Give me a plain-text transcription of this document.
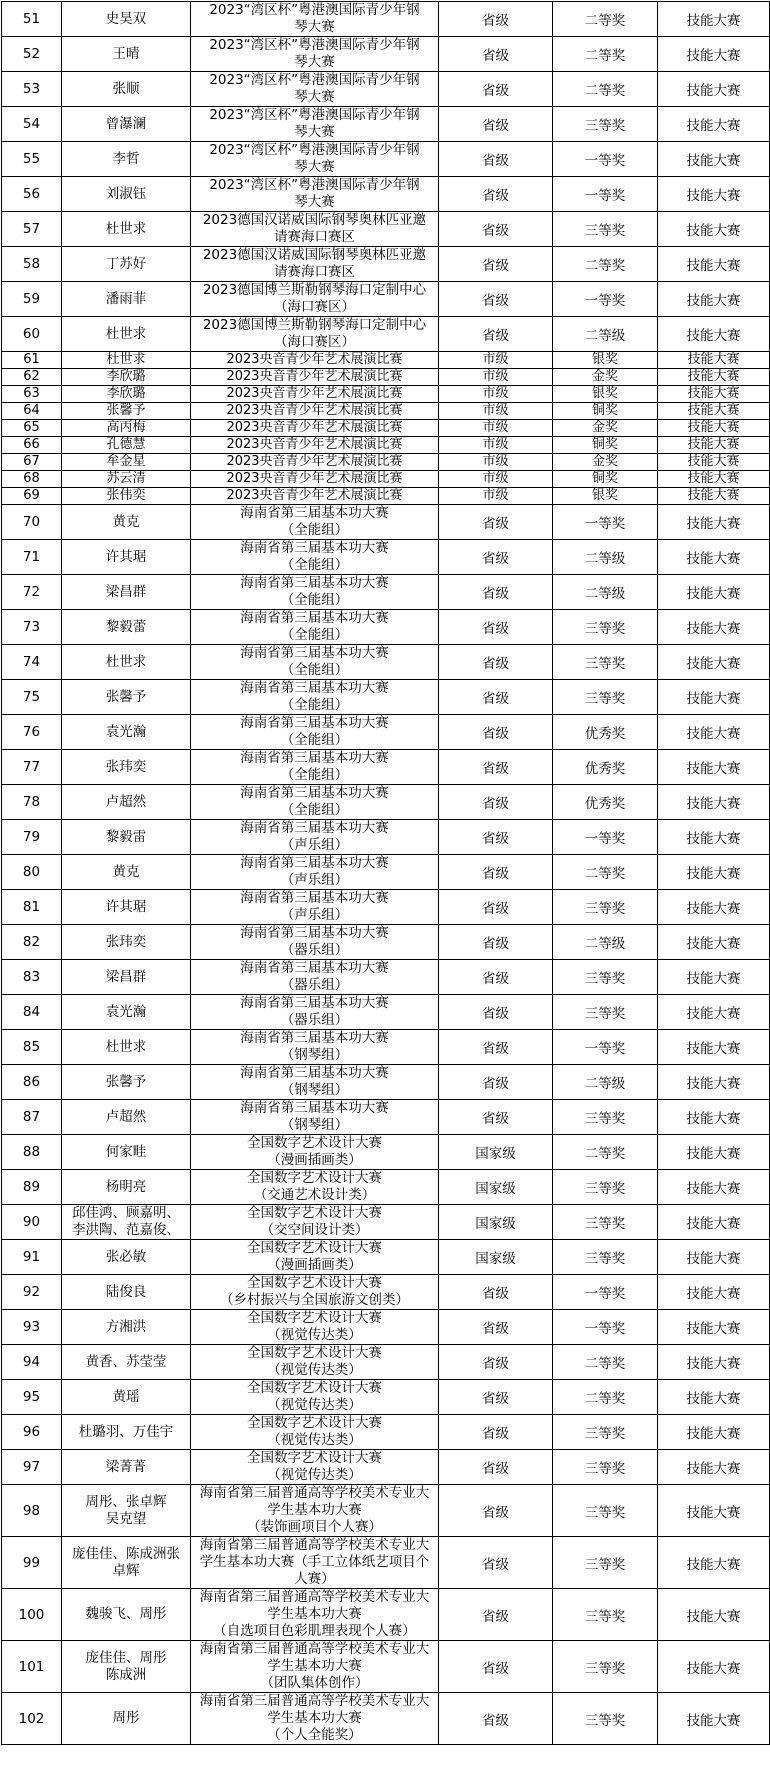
51	史昊双	2023“湾区杯”粤港澳国际青少年钢
琴大赛	省级	二等奖	技能大赛
52	王晴	2023“湾区杯”粤港澳国际青少年钢
琴大赛	省级	二等奖	技能大赛
53	张顺	2023“湾区杯”粤港澳国际青少年钢
琴大赛	省级	二等奖	技能大赛
54	曾瀑澜	2023“湾区杯”粤港澳国际青少年钢
琴大赛	省级	三等奖	技能大赛
55	李哲	2023“湾区杯”粤港澳国际青少年钢
琴大赛	省级	一等奖	技能大赛
56	刘淑钰	2023“湾区杯”粤港澳国际青少年钢
琴大赛	省级	一等奖	技能大赛
57	杜世求	2023德国汉诺威国际钢琴奥林匹亚邀
请赛海口赛区	省级	三等奖	技能大赛
58	丁苏好	2023德国汉诺威国际钢琴奥林匹亚邀
请赛海口赛区	省级	二等奖	技能大赛
59	潘雨菲	2023德国博兰斯勒钢琴海口定制中心
（海口赛区）	省级	一等奖	技能大赛
60	杜世求	2023德国博兰斯勒钢琴海口定制中心
（海口赛区）	省级	二等级	技能大赛
61	杜世求	2023央音青少年艺术展演比赛	市级	银奖	技能大赛
62	李欣璐	2023央音青少年艺术展演比赛	市级	金奖	技能大赛
63	李欣璐	2023央音青少年艺术展演比赛	市级	银奖	技能大赛
64	张馨予	2023央音青少年艺术展演比赛	市级	铜奖	技能大赛
65	高丙梅	2023央音青少年艺术展演比赛	市级	金奖	技能大赛
66	孔德慧	2023央音青少年艺术展演比赛	市级	铜奖	技能大赛
67	牟金星	2023央音青少年艺术展演比赛	市级	金奖	技能大赛
68	苏云清	2023央音青少年艺术展演比赛	市级	铜奖	技能大赛
69	张伟奕	2023央音青少年艺术展演比赛	市级	银奖	技能大赛
70	黄克	海南省第三届基本功大赛
（全能组）	省级	一等奖	技能大赛
71	许其琚	海南省第三届基本功大赛
（全能组）	省级	二等级	技能大赛
72	梁昌群	海南省第三届基本功大赛
（全能组）	省级	二等级	技能大赛
73	黎毅蕾	海南省第三届基本功大赛
（全能组）	省级	三等奖	技能大赛
74	杜世求	海南省第三届基本功大赛
（全能组）	省级	三等奖	技能大赛
75	张馨予	海南省第三届基本功大赛
（全能组）	省级	三等奖	技能大赛
76	袁光瀚	海南省第三届基本功大赛
（全能组）	省级	优秀奖	技能大赛
77	张玮奕	海南省第三届基本功大赛
（全能组）	省级	优秀奖	技能大赛
78	卢超然	海南省第三届基本功大赛
（全能组）	省级	优秀奖	技能大赛
79	黎毅雷	海南省第三届基本功大赛
（声乐组）	省级	一等奖	技能大赛
80	黄克	海南省第三届基本功大赛
（声乐组）	省级	二等奖	技能大赛
81	许其琚	海南省第三届基本功大赛
（声乐组）	省级	三等奖	技能大赛
82	张玮奕	海南省第三届基本功大赛
（器乐组）	省级	二等级	技能大赛
83	梁昌群	海南省第三届基本功大赛
（器乐组）	省级	三等奖	技能大赛
84	袁光瀚	海南省第三届基本功大赛
（器乐组）	省级	三等奖	技能大赛
85	杜世求	海南省第三届基本功大赛
（钢琴组）	省级	一等奖	技能大赛
86	张馨予	海南省第三届基本功大赛
（钢琴组）	省级	二等级	技能大赛
87	卢超然	海南省第三届基本功大赛
（钢琴组）	省级	三等奖	技能大赛
88	何家畦	全国数字艺术设计大赛
（漫画插画类）	国家级	二等奖	技能大赛
89	杨明亮	全国数字艺术设计大赛
（交通艺术设计类）	国家级	三等奖	技能大赛
90	邱佳鸿、顾嘉明、
李洪陶、范嘉俊、	全国数字艺术设计大赛
（交空间设计类）	国家级	三等奖	技能大赛
91	张必敏	全国数字艺术设计大赛
（漫画插画类）	国家级	三等奖	技能大赛
92	陆俊良	全国数字艺术设计大赛
（乡村振兴与全国旅游文创类）	省级	一等奖	技能大赛
93	方湘洪	全国数字艺术设计大赛
（视觉传达类）	省级	一等奖	技能大赛
94	黄香、苏莹莹	全国数字艺术设计大赛
（视觉传达类）	省级	二等奖	技能大赛
95	黄瑶	全国数字艺术设计大赛
（视觉传达类）	省级	二等奖	技能大赛
96	杜璐羽、万佳宇	全国数字艺术设计大赛
（视觉传达类）	省级	三等奖	技能大赛
97	梁菁菁	全国数字艺术设计大赛
（视觉传达类）	省级	三等奖	技能大赛
98	周彤、张卓辉
吴克望	海南省第三届普通高等学校美术专业大
学生基本功大赛
（装饰画项目个人赛）	省级	三等奖	技能大赛
99	庞佳佳、陈成洲张
卓辉	海南省第三届普通高等学校美术专业大
学生基本功大赛（手工立体纸艺项目个
人赛）	省级	三等奖	技能大赛
100	魏骏飞、周彤	海南省第三届普通高等学校美术专业大
学生基本功大赛
（自选项目色彩肌理表现个人赛）	省级	三等奖	技能大赛
101	庞佳佳、周彤
陈成洲	海南省第三届普通高等学校美术专业大
学生基本功大赛
（团队集体创作）	省级	三等奖	技能大赛
102	周彤	海南省第三届普通高等学校美术专业大
学生基本功大赛
（个人全能奖）	省级	三等奖	技能大赛
